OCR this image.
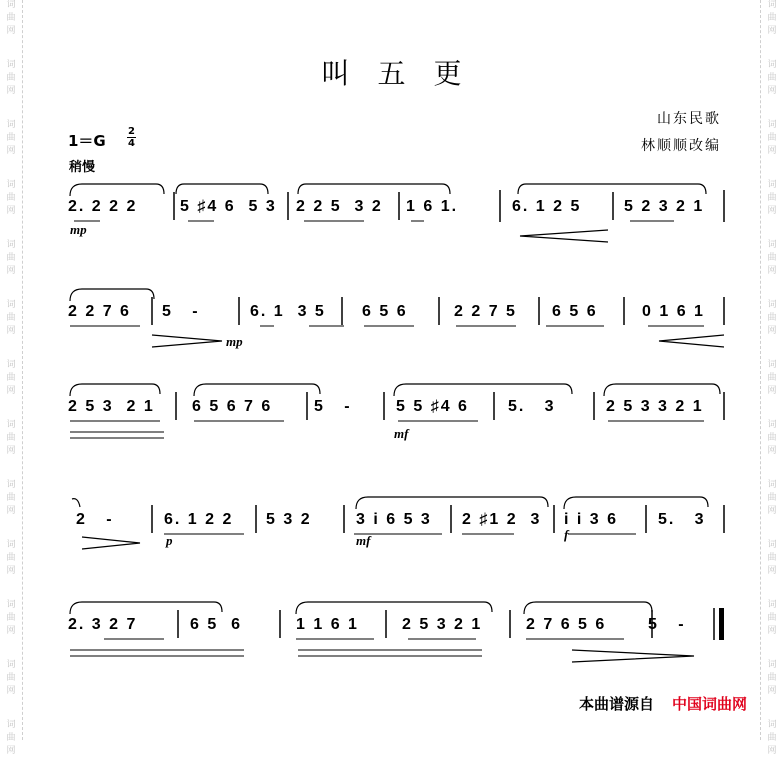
词
曲
网
词
曲
网
词
曲
网
词
曲
网
词
曲
网
词
曲
网
词
曲
网
词
曲
网
词
曲
网
词
曲
网
词
曲
网
词
曲
网
词
曲
网
词
曲
网
词
曲
网
词
曲
网
词
曲
网
词
曲
网
词
曲
网
词
曲
网
词
曲
网
词
曲
网
词
曲
网
词
曲
网
词
曲
网
词
曲
网
叫五更
山东民歌
林顺顺改编
1＝G
2
4
稍慢
2. 2 2 2	5 ♯4 6  5 3 2 2 5  3 2 1 6 1.	6. 1 2 5	5 2 3 2 1
mp
2 2 7 6 5   -	6. 1  3 5 6 5 6	2 2 7 5 6 5 6	0 1 6 1
mp
2 5 3  2 1 6 5 6 7 6	5   -	5 5 ♯4 6 5.   3	2 5 3 3 2 1
mf
2   -	6. 1 2 2 5 3 2	3 i 6 5 3 2 ♯1 2  3 i i 3 6 5.   3
p	mf	f
2. 3 2 7	6 5  6	1 1 6 1	2 5 3 2 1	2 7 6 5 6	5   -
本曲谱源自 中国词曲网
